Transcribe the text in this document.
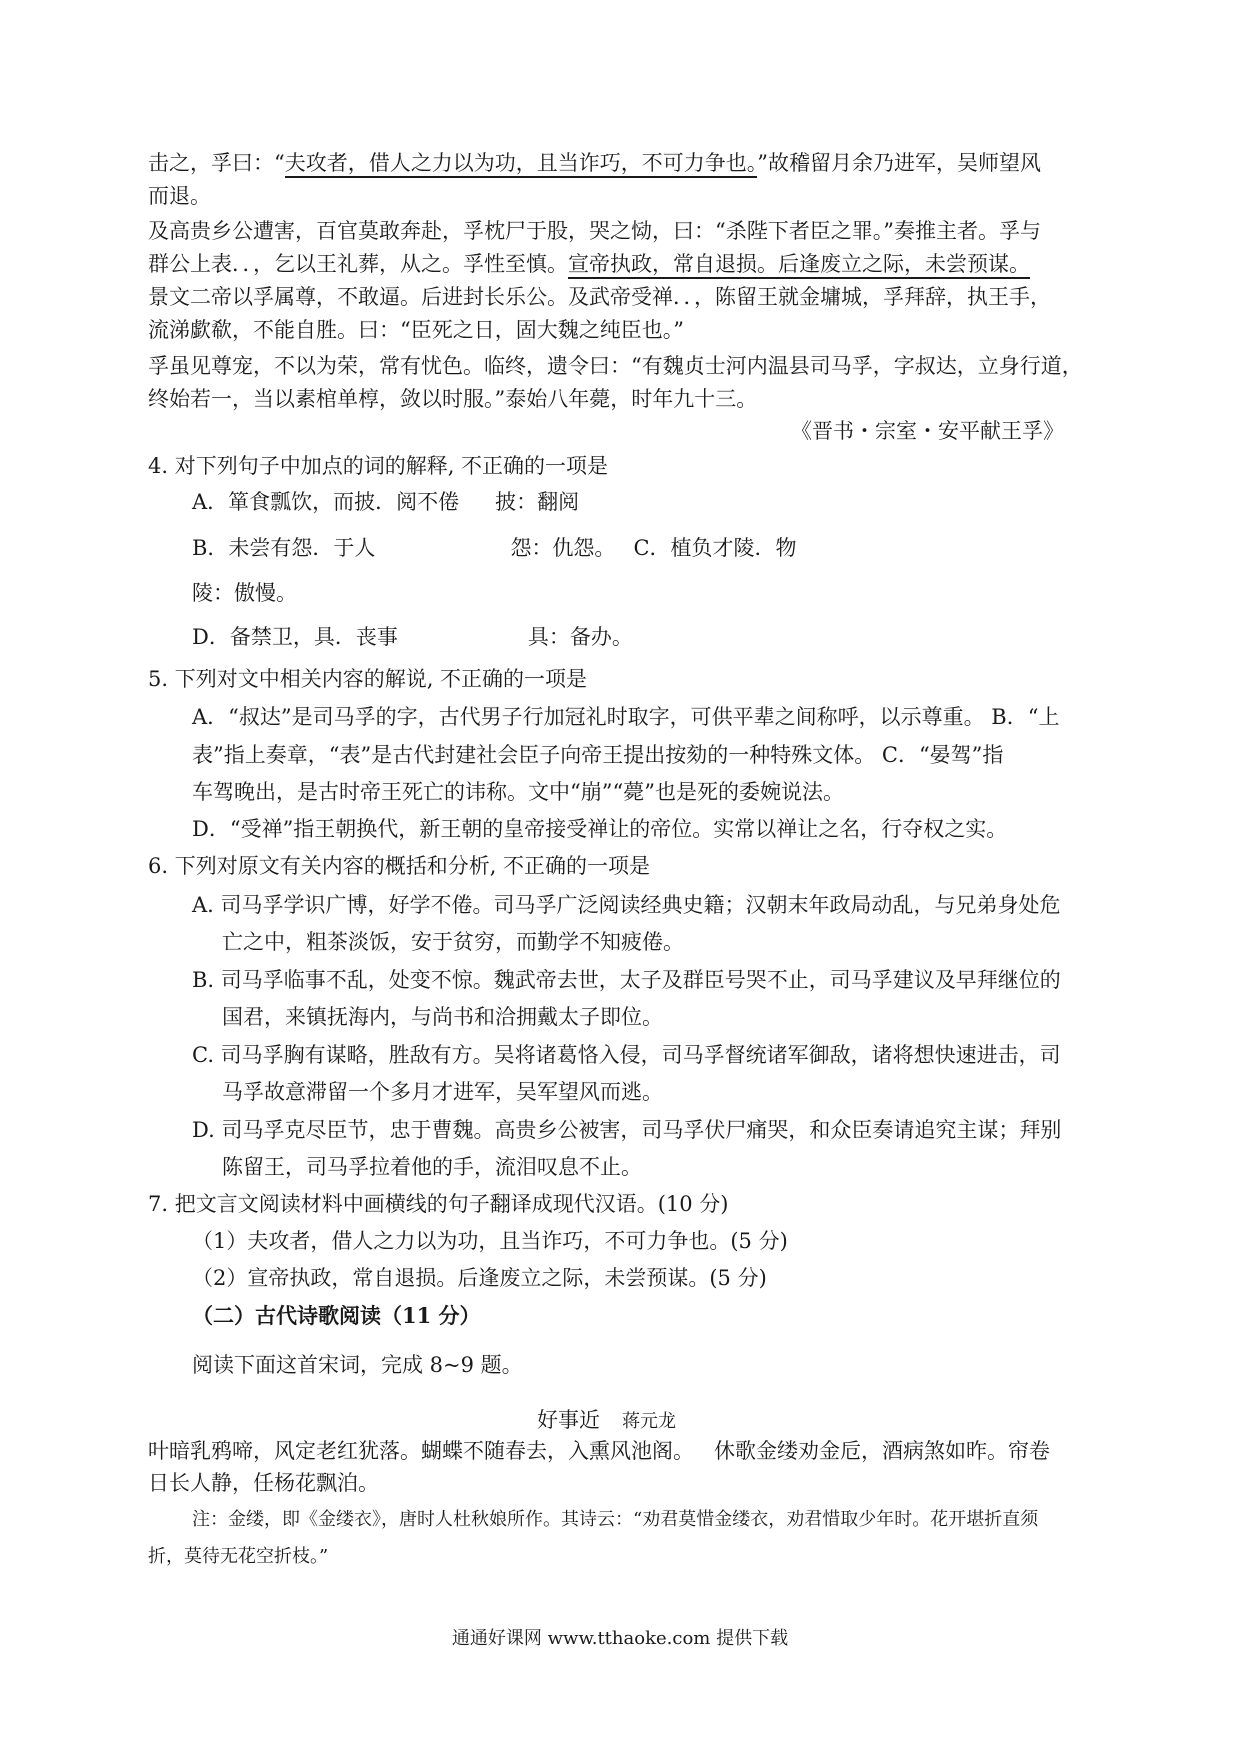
击之，孚曰：“夫攻者，借人之力以为功，且当诈巧，不可力争也。”故稽留月余乃进军，吴师望风
而退。
及高贵乡公遭害，百官莫敢奔赴，孚枕尸于股，哭之恸，曰：“杀陛下者臣之罪。”奏推主者。孚与
群公上表．．，乞以王礼葬，从之。孚性至慎。宣帝执政，常自退损。后逢废立之际，未尝预谋。
景文二帝以孚属尊，不敢逼。后进封长乐公。及武帝受禅．．，陈留王就金墉城，孚拜辞，执王手，
流涕歔欷，不能自胜。曰：“臣死之日，固大魏之纯臣也。”
孚虽见尊宠，不以为荣，常有忧色。临终，遗令曰：“有魏贞士河内温县司马孚，字叔达，立身行道，
终始若一，当以素棺单椁，敛以时服。”泰始八年薨，时年九十三。
《晋书・宗室・安平献王孚》
4. 对下列句子中加点的词的解释, 不正确的一项是
A．箪食瓢饮，而披．阅不倦 披：翻阅
B．未尝有怨．于人	怨：仇怨。 C．植负才陵．物
陵：傲慢。
D．备禁卫，具．丧事	具：备办。
5. 下列对文中相关内容的解说, 不正确的一项是
A．“叔达”是司马孚的字，古代男子行加冠礼时取字，可供平辈之间称呼，以示尊重。 B．“上
表”指上奏章，“表”是古代封建社会臣子向帝王提出按劾的一种特殊文体。 C．“晏驾”指
车驾晚出，是古时帝王死亡的讳称。文中“崩”“薨”也是死的委婉说法。
D．“受禅”指王朝换代，新王朝的皇帝接受禅让的帝位。实常以禅让之名，行夺权之实。
6. 下列对原文有关内容的概括和分析, 不正确的一项是
A. 司马孚学识广博，好学不倦。司马孚广泛阅读经典史籍；汉朝末年政局动乱，与兄弟身处危
亡之中，粗茶淡饭，安于贫穷，而勤学不知疲倦。
B. 司马孚临事不乱，处变不惊。魏武帝去世，太子及群臣号哭不止，司马孚建议及早拜继位的
国君，来镇抚海内，与尚书和洽拥戴太子即位。
C. 司马孚胸有谋略，胜敌有方。吴将诸葛恪入侵，司马孚督统诸军御敌，诸将想快速进击，司
马孚故意滞留一个多月才进军，吴军望风而逃。
D. 司马孚克尽臣节，忠于曹魏。高贵乡公被害，司马孚伏尸痛哭，和众臣奏请追究主谋；拜别
陈留王，司马孚拉着他的手，流泪叹息不止。
7. 把文言文阅读材料中画横线的句子翻译成现代汉语。(10 分)
（1）夫攻者，借人之力以为功，且当诈巧，不可力争也。(5 分)
（2）宣帝执政，常自退损。后逢废立之际，未尝预谋。(5 分)
（二）古代诗歌阅读（11 分）
阅读下面这首宋词，完成 8~9 题。
好事近 蒋元龙
叶暗乳鸦啼，风定老红犹落。蝴蝶不随春去，入熏风池阁。 休歌金缕劝金卮，酒病煞如昨。帘卷
日长人静，任杨花飘泊。
注：金缕，即《金缕衣》，唐时人杜秋娘所作。其诗云：“劝君莫惜金缕衣，劝君惜取少年时。花开堪折直须
折，莫待无花空折枝。”
通通好课网 www.tthaoke.com 提供下载
